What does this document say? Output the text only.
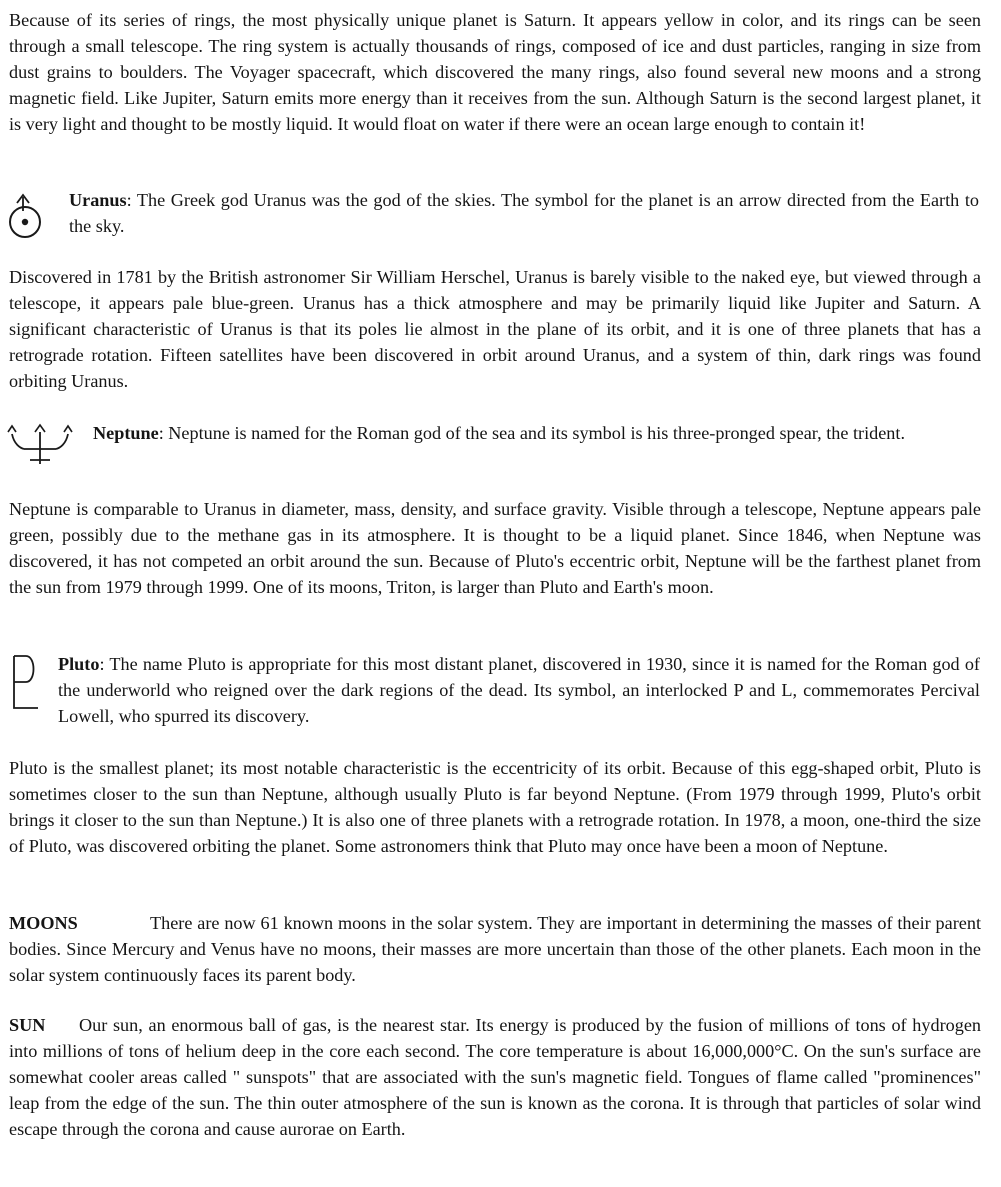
Because of its series of rings, the most physically unique planet is Saturn. It appears yellow in color, and its rings can be seen through a small telescope. The ring system is actually thousands of rings, composed of ice and dust particles, ranging in size from dust grains to boulders. The Voyager spacecraft, which discovered the many rings, also found several new moons and a strong magnetic field. Like Jupiter, Saturn emits more energy than it receives from the sun. Although Saturn is the second largest planet, it is very light and thought to be mostly liquid. It would float on water if there were an ocean large enough to contain it!

Uranus: The Greek god Uranus was the god of the skies. The symbol for the planet is an arrow directed from the Earth to the sky.

Discovered in 1781 by the British astronomer Sir William Herschel, Uranus is barely visible to the naked eye, but viewed through a telescope, it appears pale blue-green. Uranus has a thick atmosphere and may be primarily liquid like Jupiter and Saturn. A significant characteristic of Uranus is that its poles lie almost in the plane of its orbit, and it is one of three planets that has a retrograde rotation. Fifteen satellites have been discovered in orbit around Uranus, and a system of thin, dark rings was found orbiting Uranus.

Neptune: Neptune is named for the Roman god of the sea and its symbol is his three-pronged spear, the trident.

Neptune is comparable to Uranus in diameter, mass, density, and surface gravity. Visible through a telescope, Neptune appears pale green, possibly due to the methane gas in its atmosphere. It is thought to be a liquid planet. Since 1846, when Neptune was discovered, it has not competed an orbit around the sun. Because of Pluto's eccentric orbit, Neptune will be the farthest planet from the sun from 1979 through 1999. One of its moons, Triton, is larger than Pluto and Earth's moon.

Pluto: The name Pluto is appropriate for this most distant planet, discovered in 1930, since it is named for the Roman god of the underworld who reigned over the dark regions of the dead. Its symbol, an interlocked P and L, commemorates Percival Lowell, who spurred its discovery.

Pluto is the smallest planet; its most notable characteristic is the eccentricity of its orbit. Because of this egg-shaped orbit, Pluto is sometimes closer to the sun than Neptune, although usually Pluto is far beyond Neptune. (From 1979 through 1999, Pluto's orbit brings it closer to the sun than Neptune.) It is also one of three planets with a retrograde rotation. In 1978, a moon, one-third the size of Pluto, was discovered orbiting the planet. Some astronomers think that Pluto may once have been a moon of Neptune.

MOONS	There are now 61 known moons in the solar system. They are important in determining the masses of their parent bodies. Since Mercury and Venus have no moons, their masses are more uncertain than those of the other planets. Each moon in the solar system continuously faces its parent body.

SUN Our sun, an enormous ball of gas, is the nearest star. Its energy is produced by the fusion of millions of tons of hydrogen into millions of tons of helium deep in the core each second. The core temperature is about 16,000,000°C. On the sun's surface are somewhat cooler areas called " sunspots" that are associated with the sun's magnetic field. Tongues of flame called "prominences" leap from the edge of the sun. The thin outer atmosphere of the sun is known as the corona. It is through that particles of solar wind escape through the corona and cause aurorae on Earth.
